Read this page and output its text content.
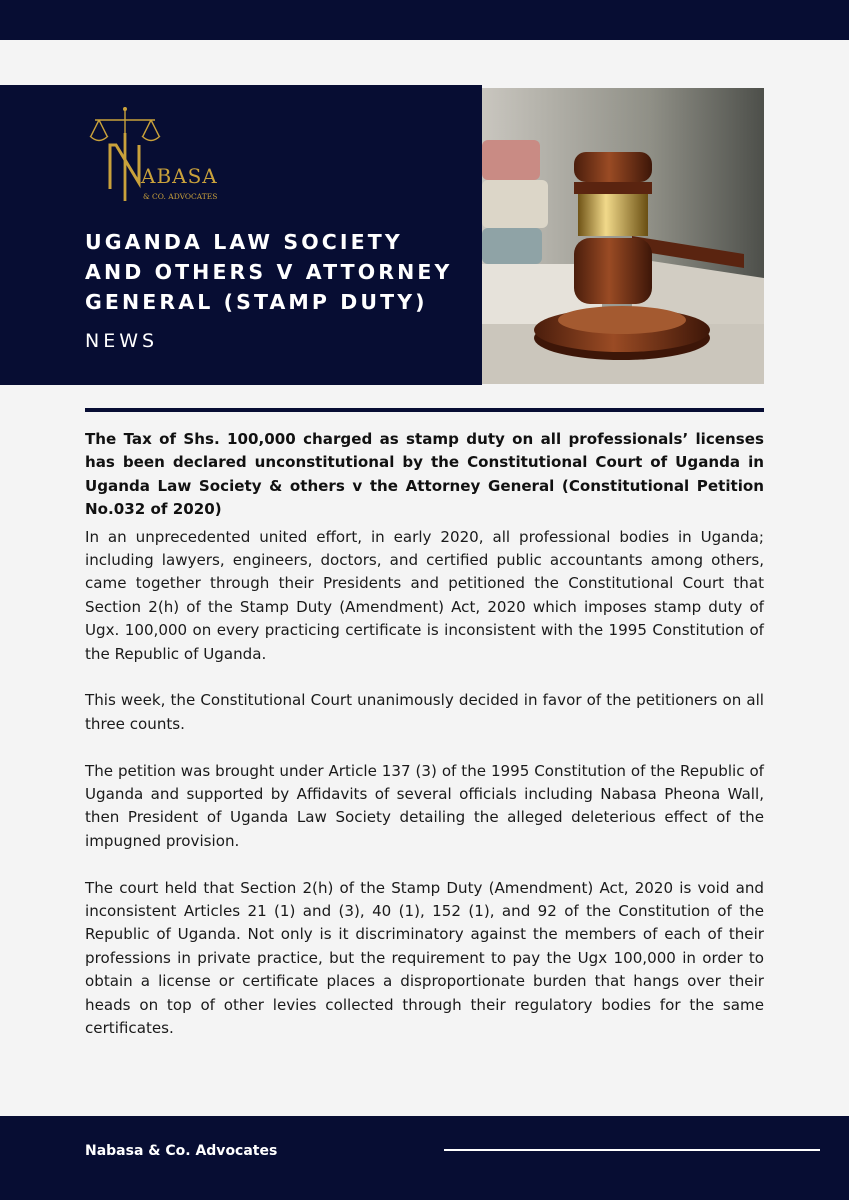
ABASA
& CO. ADVOCATES
UGANDA LAW SOCIETY
AND OTHERS V ATTORNEY
GENERAL (STAMP DUTY)
NEWS

The Tax of Shs. 100,000 charged as stamp duty on all professionals’ licenses has been declared unconstitutional by the Constitutional Court of Uganda in Uganda Law Society & others v the Attorney General (Constitutional Petition No.032 of 2020)

In an unprecedented united effort, in early 2020, all professional bodies in Uganda; including lawyers, engineers, doctors, and certified public accountants among others, came together through their Presidents and petitioned the Constitutional Court that Section 2(h) of the Stamp Duty (Amendment) Act, 2020 which imposes stamp duty of Ugx. 100,000 on every practicing certificate is inconsistent with the 1995 Constitution of the Republic of Uganda.

This week, the Constitutional Court unanimously decided in favor of the petitioners on all three counts.

The petition was brought under Article 137 (3) of the 1995 Constitution of the Republic of Uganda and supported by Affidavits of several officials including Nabasa Pheona Wall, then President of Uganda Law Society detailing the alleged deleterious effect of the impugned provision.

The court held that Section 2(h) of the Stamp Duty (Amendment) Act, 2020 is void and inconsistent Articles 21 (1) and (3), 40 (1), 152 (1), and 92 of the Constitution of the Republic of Uganda. Not only is it discriminatory against the members of each of their professions in private practice, but the requirement to pay the Ugx 100,000 in order to obtain a license or certificate places a disproportionate burden that hangs over their heads on top of other levies collected through their regulatory bodies for the same certificates.

Nabasa & Co. Advocates
